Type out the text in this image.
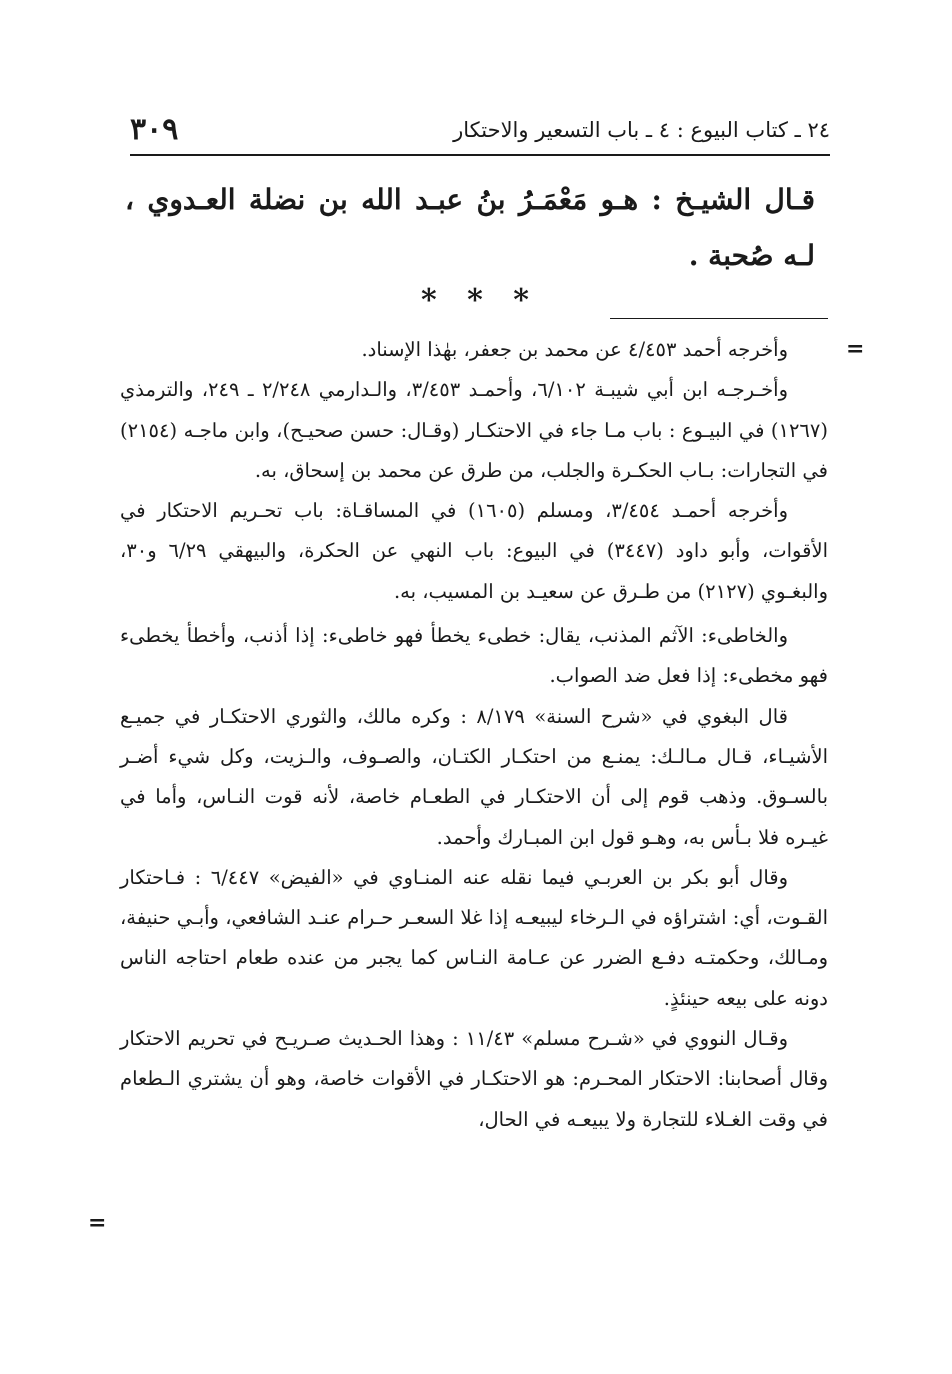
٢٤ ـ كتاب البيوع : ٤ ـ باب التسعير والاحتكار
٣٠٩
قـال الشيـخ : هـو مَعْمَـرُ بنُ عبـد الله بن نضلة العـدوي ، لـه صُحبة .
* * *
=

وأخرجه أحمد ٤/٤٥٣ عن محمد بن جعفر، بهٰذا الإسناد.

وأخـرجـه ابن أبي شيبـة ٦/١٠٢، وأحمـد ٣/٤٥٣، والـدارمي ٢/٢٤٨ ـ ٢٤٩، والترمذي (١٢٦٧) في البيـوع : باب مـا جاء في الاحتكـار (وقـال: حسن صحيـح)، وابن ماجـه (٢١٥٤) في التجارات: بـاب الحكـرة والجلب، من طرق عن محمد بن إسحاق، به.

وأخرجه أحمـد ٣/٤٥٤، ومسلم (١٦٠٥) في المساقـاة: باب تحـريم الاحتكار في الأقوات، وأبو داود (٣٤٤٧) في البيوع: باب النهي عن الحكرة، والبيهقي ٦/٢٩ و٣٠، والبغـوي (٢١٢٧) من طـرق عن سعيـد بن المسيب، به.

والخاطىء: الآثم المذنب، يقال: خطىء يخطأ فهو خاطىء: إذا أذنب، وأخطأ يخطىء فهو مخطىء: إذا فعل ضد الصواب.

قال البغوي في «شرح السنة» ٨/١٧٩ : وكره مالك، والثوري الاحتكـار في جميـع الأشيـاء، قـال مـالـك: يمنـع من احتكـار الكتـان، والصـوف، والـزيت، وكل شيء أضـر بالسـوق. وذهب قوم إلى أن الاحتكـار في الطعـام خاصة، لأنه قوت النـاس، وأما في غيـره فلا بـأس به، وهـو قول ابن المبـارك وأحمد.

وقال أبو بكر بن العربـي فيما نقله عنه المنـاوي في «الفيض» ٦/٤٤٧ : فـاحتكار القـوت، أي: اشتراؤه في الـرخاء ليبيعـه إذا غلا السعـر حـرام عنـد الشافعي، وأبـي حنيفة، ومـالك، وحكمتـه دفـع الضرر عن عـامة النـاس كما يجبر من عنده طعام احتاجه الناس دونه على بيعه حينئذٍ.

وقـال النووي في «شـرح مسلم» ١١/٤٣ : وهذا الحـديث صـريـح في تحريم الاحتكار وقال أصحابنا: الاحتكار المحـرم: هو الاحتكـار في الأقوات خاصة، وهو أن يشتري الـطعام في وقت الغـلاء للتجارة ولا يبيعـه في الحال،

=
